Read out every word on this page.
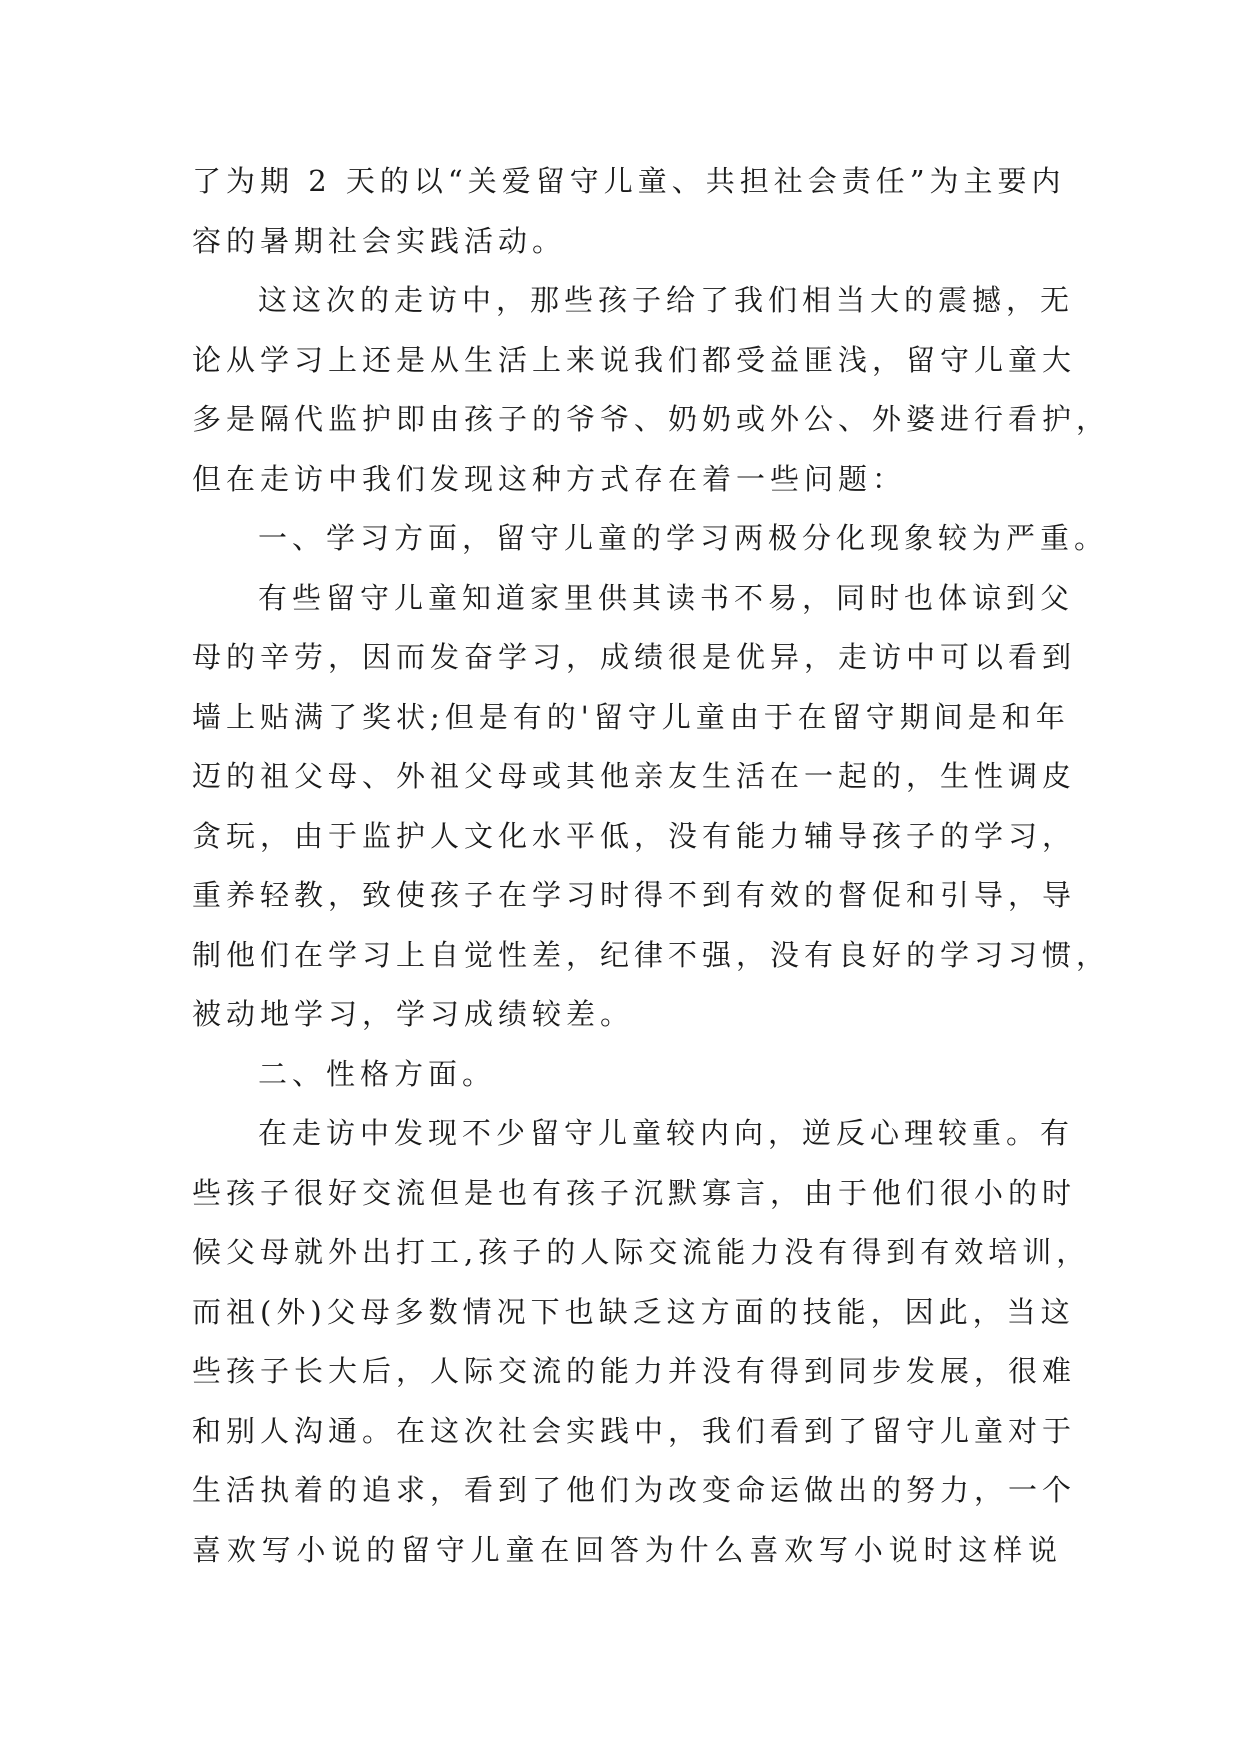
了为期 2 天的以“关爱留守儿童、共担社会责任”为主要内
容的暑期社会实践活动。
这这次的走访中，那些孩子给了我们相当大的震撼，无
论从学习上还是从生活上来说我们都受益匪浅，留守儿童大
多是隔代监护即由孩子的爷爷、奶奶或外公、外婆进行看护，
但在走访中我们发现这种方式存在着一些问题：
一、学习方面，留守儿童的学习两极分化现象较为严重。
有些留守儿童知道家里供其读书不易，同时也体谅到父
母的辛劳，因而发奋学习，成绩很是优异，走访中可以看到
墙上贴满了奖状;但是有的'留守儿童由于在留守期间是和年
迈的祖父母、外祖父母或其他亲友生活在一起的，生性调皮
贪玩，由于监护人文化水平低，没有能力辅导孩子的学习，
重养轻教，致使孩子在学习时得不到有效的督促和引导，导
制他们在学习上自觉性差，纪律不强，没有良好的学习习惯，
被动地学习，学习成绩较差。
二、性格方面。
在走访中发现不少留守儿童较内向，逆反心理较重。有
些孩子很好交流但是也有孩子沉默寡言，由于他们很小的时
候父母就外出打工,孩子的人际交流能力没有得到有效培训，
而祖(外)父母多数情况下也缺乏这方面的技能，因此，当这
些孩子长大后，人际交流的能力并没有得到同步发展，很难
和别人沟通。在这次社会实践中，我们看到了留守儿童对于
生活执着的追求，看到了他们为改变命运做出的努力，一个
喜欢写小说的留守儿童在回答为什么喜欢写小说时这样说
